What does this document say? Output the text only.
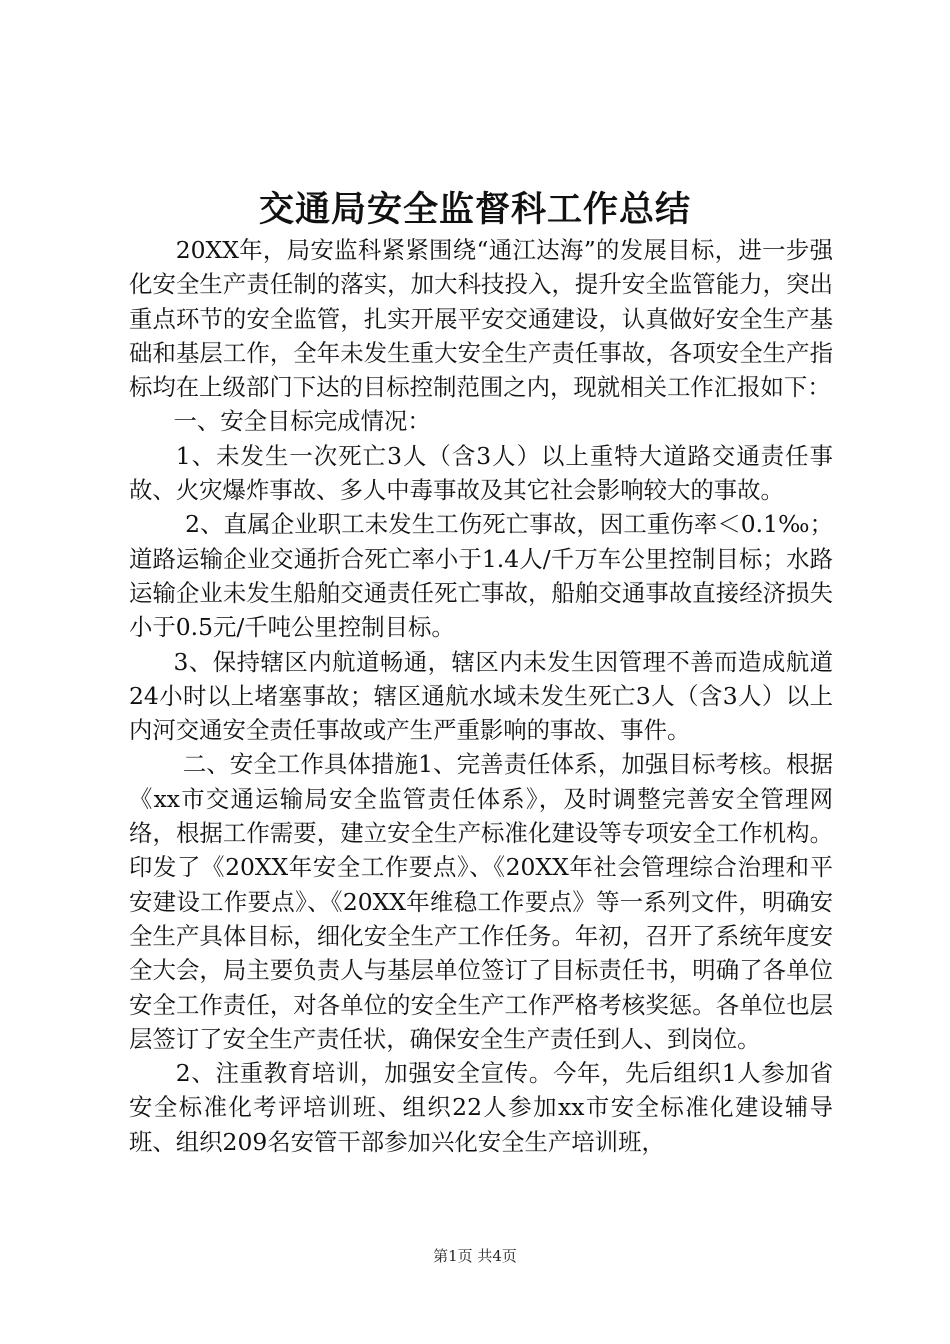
交通局安全监督科工作总结

20XX年，局安监科紧紧围绕“通江达海”的发展目标，进一步强化安全生产责任制的落实，加大科技投入，提升安全监管能力，突出重点环节的安全监管，扎实开展平安交通建设，认真做好安全生产基础和基层工作，全年未发生重大安全生产责任事故，各项安全生产指标均在上级部门下达的目标控制范围之内，现就相关工作汇报如下：

一、安全目标完成情况：

1、未发生一次死亡3人（含3人）以上重特大道路交通责任事故、火灾爆炸事故、多人中毒事故及其它社会影响较大的事故。

2、直属企业职工未发生工伤死亡事故，因工重伤率＜0.1‰；道路运输企业交通折合死亡率小于1.4人/千万车公里控制目标；水路运输企业未发生船舶交通责任死亡事故，船舶交通事故直接经济损失小于0.5元/千吨公里控制目标。

3、保持辖区内航道畅通，辖区内未发生因管理不善而造成航道24小时以上堵塞事故；辖区通航水域未发生死亡3人（含3人）以上内河交通安全责任事故或产生严重影响的事故、事件。

二、安全工作具体措施1、完善责任体系，加强目标考核。根据《xx市交通运输局安全监管责任体系》，及时调整完善安全管理网络，根据工作需要，建立安全生产标准化建设等专项安全工作机构。印发了《20XX年安全工作要点》、《20XX年社会管理综合治理和平安建设工作要点》、《20XX年维稳工作要点》等一系列文件，明确安全生产具体目标，细化安全生产工作任务。年初，召开了系统年度安全大会，局主要负责人与基层单位签订了目标责任书，明确了各单位安全工作责任，对各单位的安全生产工作严格考核奖惩。各单位也层层签订了安全生产责任状，确保安全生产责任到人、到岗位。

2、注重教育培训，加强安全宣传。今年，先后组织1人参加省安全标准化考评培训班、组织22人参加xx市安全标准化建设辅导班、组织209名安管干部参加兴化安全生产培训班，

第1页 共4页
